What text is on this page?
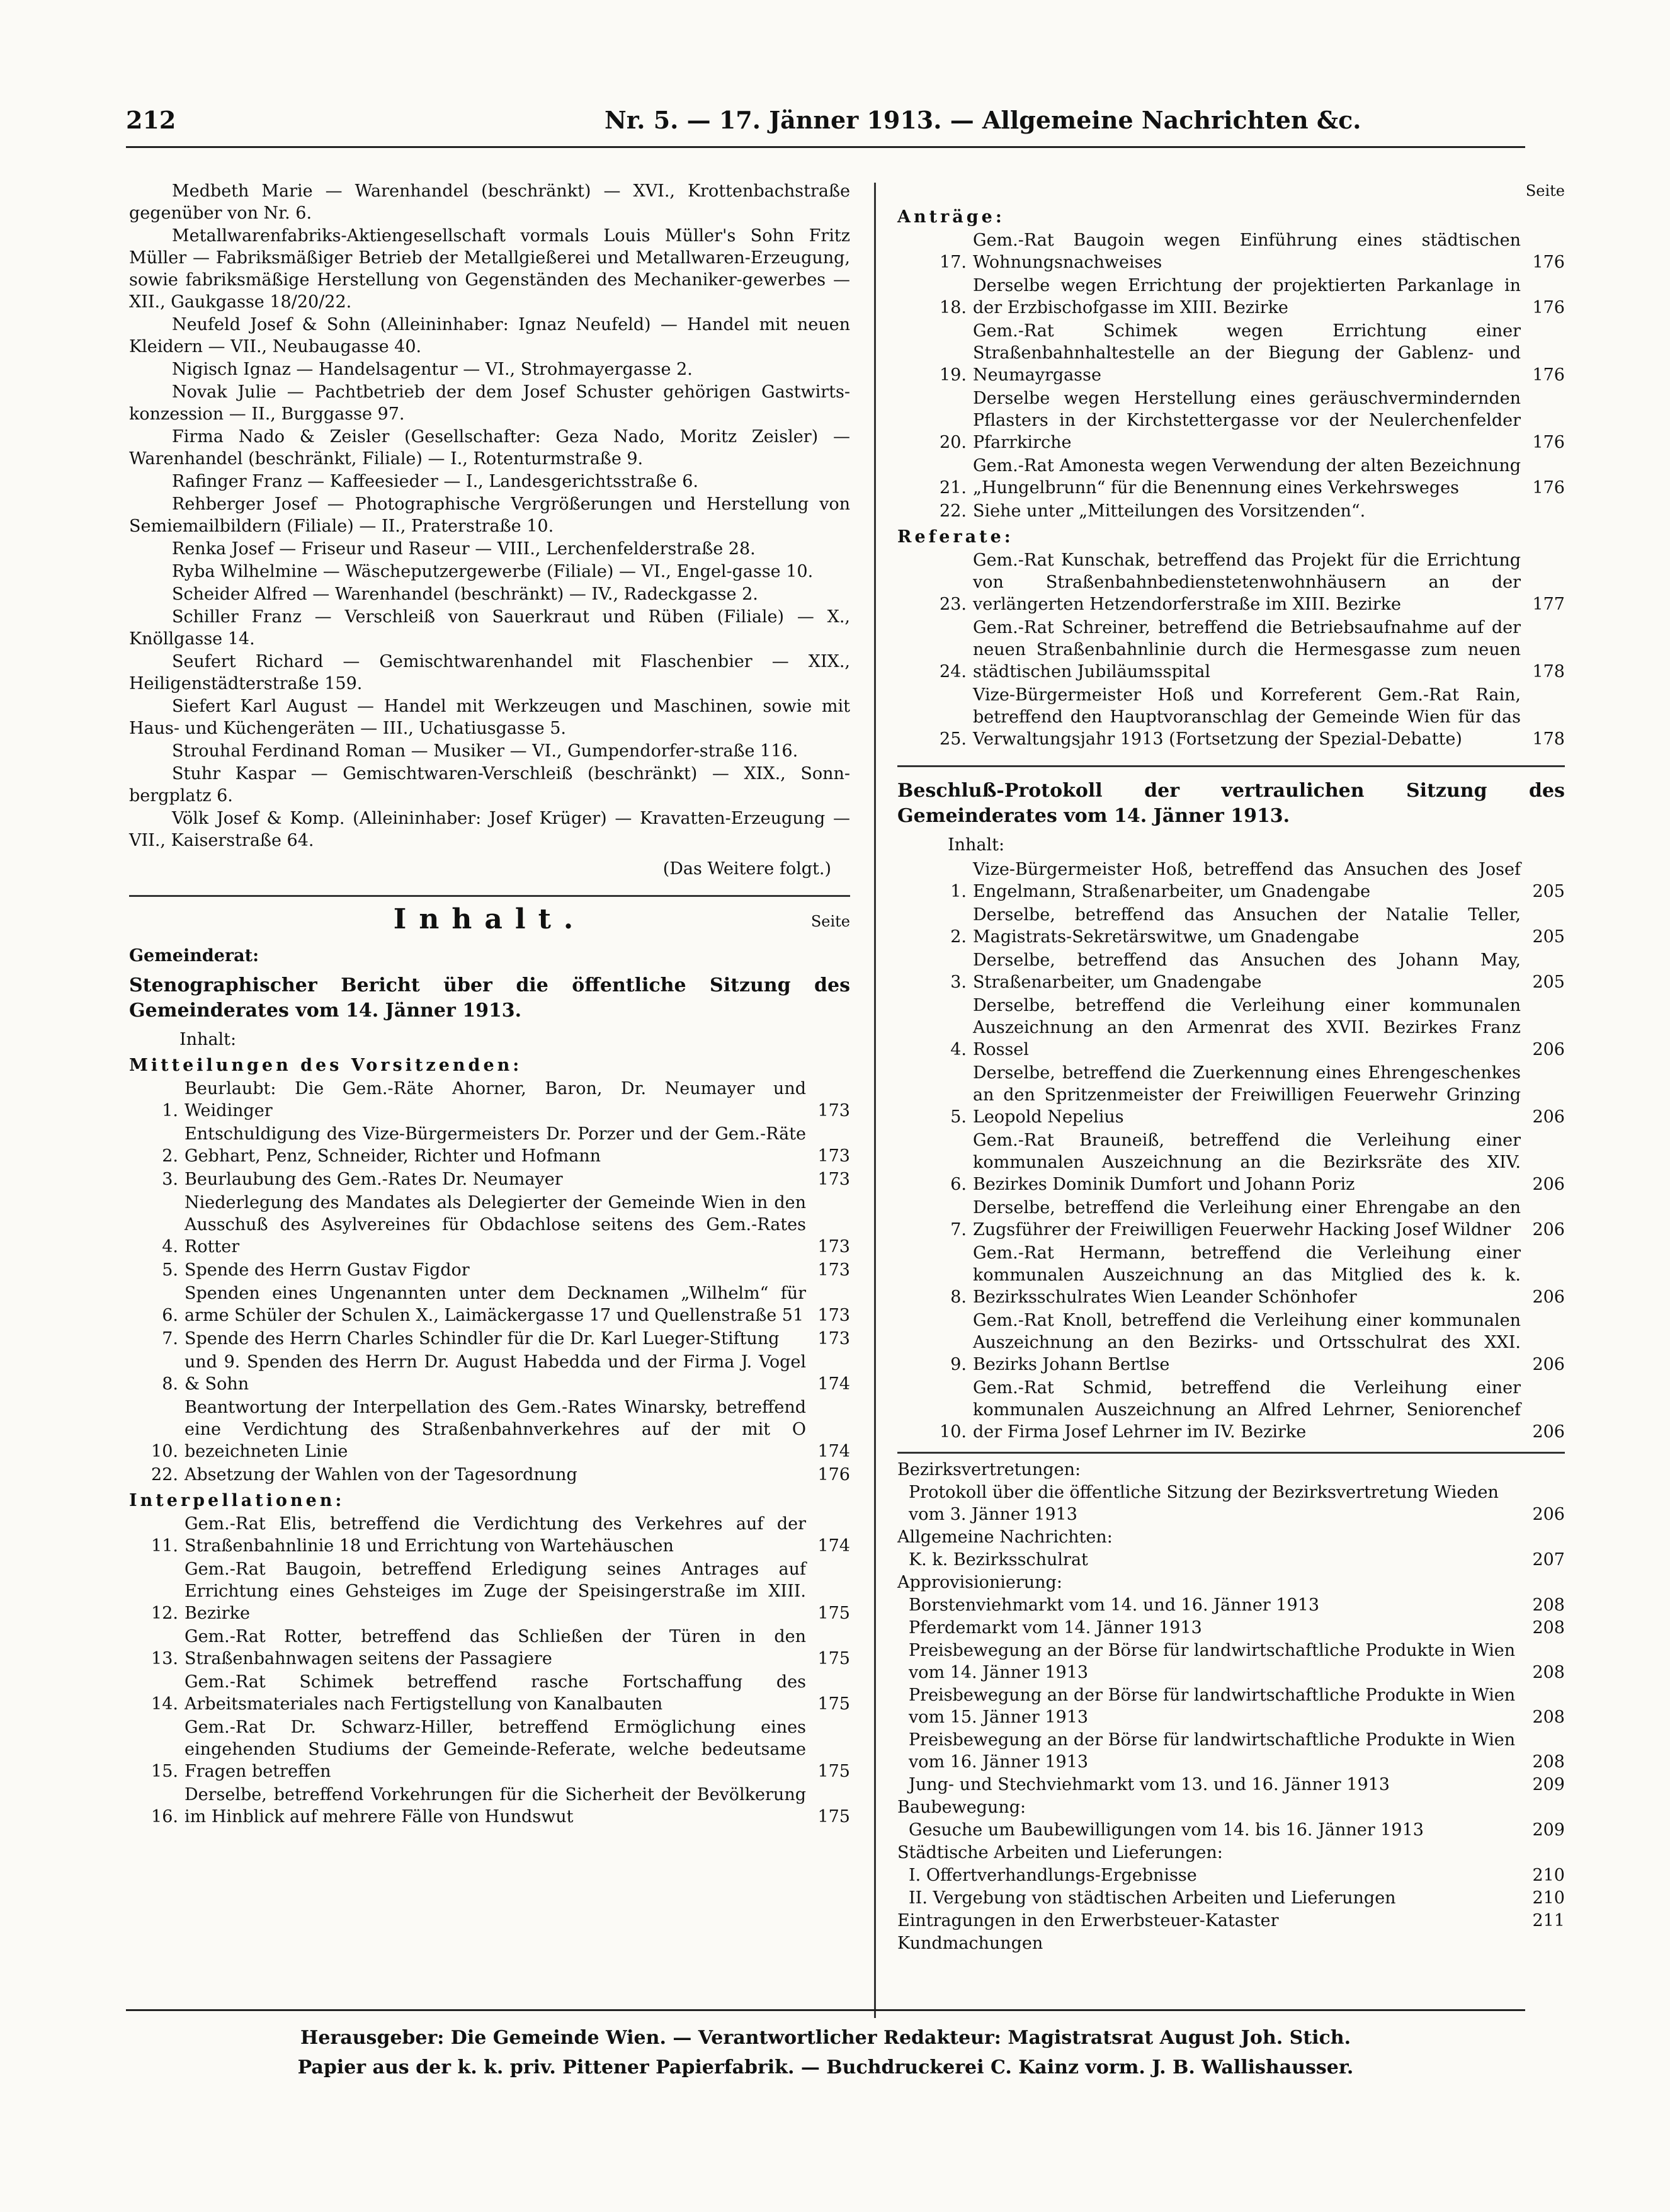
212	Nr. 5. — 17. Jänner 1913. — Allgemeine Nachrichten &c.
Medbeth Marie — Warenhandel (beschränkt) — XVI., Krottenbachstraße gegenüber von Nr. 6.
Metallwarenfabriks-Aktiengesellschaft vormals Louis Müller's Sohn Fritz Müller — Fabriksmäßiger Betrieb der Metallgießerei und Metallwaren-Erzeugung, sowie fabriksmäßige Herstellung von Gegenständen des Mechaniker-gewerbes — XII., Gaukgasse 18/20/22.
Neufeld Josef & Sohn (Alleininhaber: Ignaz Neufeld) — Handel mit neuen Kleidern — VII., Neubaugasse 40.
Nigisch Ignaz — Handelsagentur — VI., Strohmayergasse 2.
Novak Julie — Pachtbetrieb der dem Josef Schuster gehörigen Gastwirts-konzession — II., Burggasse 97.
Firma Nado & Zeisler (Gesellschafter: Geza Nado, Moritz Zeisler) — Warenhandel (beschränkt, Filiale) — I., Rotenturmstraße 9.
Rafinger Franz — Kaffeesieder — I., Landesgerichtsstraße 6.
Rehberger Josef — Photographische Vergrößerungen und Herstellung von Semiemailbildern (Filiale) — II., Praterstraße 10.
Renka Josef — Friseur und Raseur — VIII., Lerchenfelderstraße 28.
Ryba Wilhelmine — Wäscheputzergewerbe (Filiale) — VI., Engel-gasse 10.
Scheider Alfred — Warenhandel (beschränkt) — IV., Radeckgasse 2.
Schiller Franz — Verschleiß von Sauerkraut und Rüben (Filiale) — X., Knöllgasse 14.
Seufert Richard — Gemischtwarenhandel mit Flaschenbier — XIX., Heiligenstädterstraße 159.
Siefert Karl August — Handel mit Werkzeugen und Maschinen, sowie mit Haus- und Küchengeräten — III., Uchatiusgasse 5.
Strouhal Ferdinand Roman — Musiker — VI., Gumpendorfer-straße 116.
Stuhr Kaspar — Gemischtwaren-Verschleiß (beschränkt) — XIX., Sonn-bergplatz 6.
Völk Josef & Komp. (Alleininhaber: Josef Krüger) — Kravatten-Erzeugung — VII., Kaiserstraße 64.
(Das Weitere folgt.)
Inhalt.	Seite
Gemeinderat:
Stenographischer Bericht über die öffentliche Sitzung des Gemeinderates vom 14. Jänner 1913.
Inhalt:
Mitteilungen des Vorsitzenden:
1.
Beurlaubt: Die Gem.-Räte Ahorner, Baron, Dr. Neumayer und Weidinger	173
2.
Entschuldigung des Vize-Bürgermeisters Dr. Porzer und der Gem.-Räte Gebhart, Penz, Schneider, Richter und Hofmann	173
3. Beurlaubung des Gem.-Rates Dr. Neumayer	173
4.
Niederlegung des Mandates als Delegierter der Gemeinde Wien in den Ausschuß des Asylvereines für Obdachlose seitens des Gem.-Rates Rotter	173
5. Spende des Herrn Gustav Figdor	173
6.
Spenden eines Ungenannten unter dem Decknamen „Wilhelm“ für arme Schüler der Schulen X., Laimäckergasse 17 und Quellenstraße 51 173
7. Spende des Herrn Charles Schindler für die Dr. Karl Lueger-Stiftung	173
8.
und 9. Spenden des Herrn Dr. August Habedda und der Firma J. Vogel & Sohn	174
10.
Beantwortung der Interpellation des Gem.-Rates Winarsky, betreffend eine Verdichtung des Straßenbahnverkehres auf der mit O bezeichneten Linie	174
22. Absetzung der Wahlen von der Tagesordnung	176
Interpellationen:
11.
Gem.-Rat Elis, betreffend die Verdichtung des Verkehres auf der Straßenbahnlinie 18 und Errichtung von Wartehäuschen	174
12.
Gem.-Rat Baugoin, betreffend Erledigung seines Antrages auf Errichtung eines Gehsteiges im Zuge der Speisingerstraße im XIII. Bezirke	175
13.
Gem.-Rat Rotter, betreffend das Schließen der Türen in den Straßenbahnwagen seitens der Passagiere	175
14.
Gem.-Rat Schimek betreffend rasche Fortschaffung des Arbeitsmateriales nach Fertigstellung von Kanalbauten	175
15.
Gem.-Rat Dr. Schwarz-Hiller, betreffend Ermöglichung eines eingehenden Studiums der Gemeinde-Referate, welche bedeutsame Fragen betreffen	175
16.
Derselbe, betreffend Vorkehrungen für die Sicherheit der Bevölkerung im Hinblick auf mehrere Fälle von Hundswut	175
Seite
Anträge:
17.
Gem.-Rat Baugoin wegen Einführung eines städtischen Wohnungsnachweises	176
18.
Derselbe wegen Errichtung der projektierten Parkanlage in der Erzbischofgasse im XIII. Bezirke	176
19.
Gem.-Rat Schimek wegen Errichtung einer Straßenbahnhaltestelle an der Biegung der Gablenz- und Neumayrgasse	176
20.
Derselbe wegen Herstellung eines geräuschvermindernden Pflasters in der Kirchstettergasse vor der Neulerchenfelder Pfarrkirche	176
21.
Gem.-Rat Amonesta wegen Verwendung der alten Bezeichnung „Hungelbrunn“ für die Benennung eines Verkehrsweges	176
22. Siehe unter „Mitteilungen des Vorsitzenden“.
Referate:
23.
Gem.-Rat Kunschak, betreffend das Projekt für die Errichtung von Straßenbahnbedienstetenwohnhäusern an der verlängerten Hetzendorferstraße im XIII. Bezirke	177
24.
Gem.-Rat Schreiner, betreffend die Betriebsaufnahme auf der neuen Straßenbahnlinie durch die Hermesgasse zum neuen städtischen Jubiläumsspital	178
25.
Vize-Bürgermeister Hoß und Korreferent Gem.-Rat Rain, betreffend den Hauptvoranschlag der Gemeinde Wien für das Verwaltungsjahr 1913 (Fortsetzung der Spezial-Debatte)	178
Beschluß-Protokoll der vertraulichen Sitzung des Gemeinderates vom 14. Jänner 1913.
Inhalt:
1.
Vize-Bürgermeister Hoß, betreffend das Ansuchen des Josef Engelmann, Straßenarbeiter, um Gnadengabe	205
2.
Derselbe, betreffend das Ansuchen der Natalie Teller, Magistrats-Sekretärswitwe, um Gnadengabe	205
3.
Derselbe, betreffend das Ansuchen des Johann May, Straßenarbeiter, um Gnadengabe	205
4.
Derselbe, betreffend die Verleihung einer kommunalen Auszeichnung an den Armenrat des XVII. Bezirkes Franz Rossel	206
5.
Derselbe, betreffend die Zuerkennung eines Ehrengeschenkes an den Spritzenmeister der Freiwilligen Feuerwehr Grinzing Leopold Nepelius	206
6.
Gem.-Rat Brauneiß, betreffend die Verleihung einer kommunalen Auszeichnung an die Bezirksräte des XIV. Bezirkes Dominik Dumfort und Johann Poriz	206
7.
Derselbe, betreffend die Verleihung einer Ehrengabe an den Zugsführer der Freiwilligen Feuerwehr Hacking Josef Wildner	206
8.
Gem.-Rat Hermann, betreffend die Verleihung einer kommunalen Auszeichnung an das Mitglied des k. k. Bezirksschulrates Wien Leander Schönhofer	206
9.
Gem.-Rat Knoll, betreffend die Verleihung einer kommunalen Auszeichnung an den Bezirks- und Ortsschulrat des XXI. Bezirks Johann Bertlse	206
10.
Gem.-Rat Schmid, betreffend die Verleihung einer kommunalen Auszeichnung an Alfred Lehrner, Seniorenchef der Firma Josef Lehrner im IV. Bezirke	206
Bezirksvertretungen:
Protokoll über die öffentliche Sitzung der Bezirksvertretung Wieden vom 3. Jänner 1913	206
Allgemeine Nachrichten:
K. k. Bezirksschulrat	207
Approvisionierung:
Borstenviehmarkt vom 14. und 16. Jänner 1913	208
Pferdemarkt vom 14. Jänner 1913	208
Preisbewegung an der Börse für landwirtschaftliche Produkte in Wien vom 14. Jänner 1913	208
Preisbewegung an der Börse für landwirtschaftliche Produkte in Wien vom 15. Jänner 1913	208
Preisbewegung an der Börse für landwirtschaftliche Produkte in Wien vom 16. Jänner 1913	208
Jung- und Stechviehmarkt vom 13. und 16. Jänner 1913	209
Baubewegung:
Gesuche um Baubewilligungen vom 14. bis 16. Jänner 1913	209
Städtische Arbeiten und Lieferungen:
I. Offertverhandlungs-Ergebnisse	210
II. Vergebung von städtischen Arbeiten und Lieferungen	210
Eintragungen in den Erwerbsteuer-Kataster	211
Kundmachungen
Herausgeber: Die Gemeinde Wien. — Verantwortlicher Redakteur: Magistratsrat August Joh. Stich.
Papier aus der k. k. priv. Pittener Papierfabrik. — Buchdruckerei C. Kainz vorm. J. B. Wallishausser.
